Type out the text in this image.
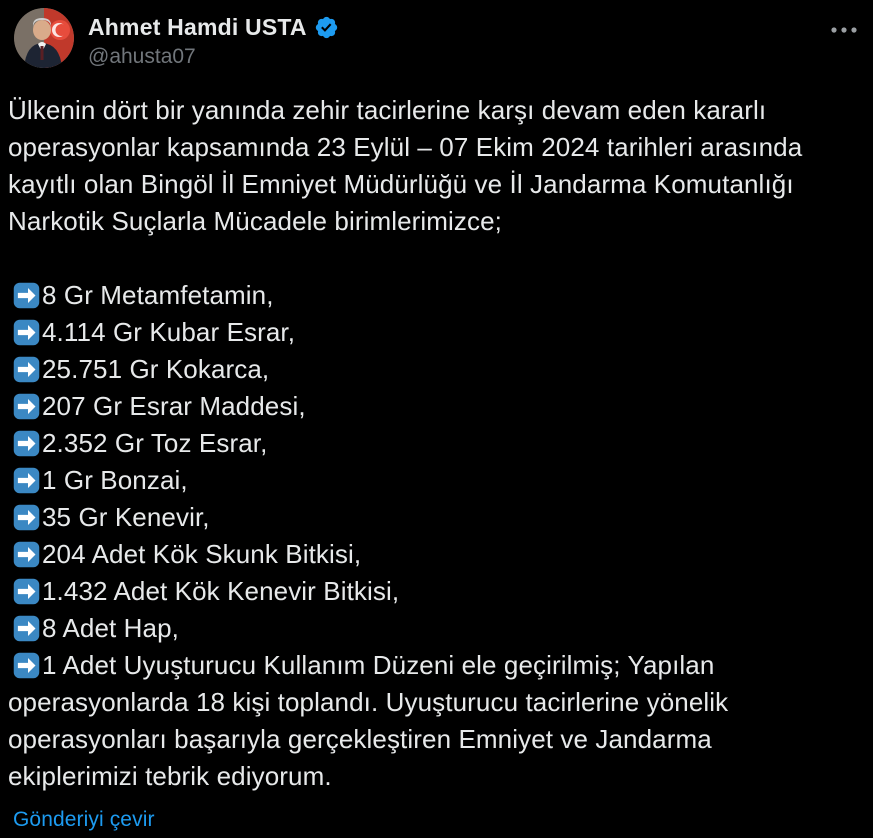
Ahmet Hamdi USTA
@ahusta07

Ülkenin dört bir yanında zehir tacirlerine karşı devam eden kararlı operasyonlar kapsamında 23 Eylül – 07 Ekim 2024 tarihleri arasında kayıtlı olan Bingöl İl Emniyet Müdürlüğü ve İl Jandarma Komutanlığı Narkotik Suçlarla Mücadele birimlerimizce;

8 Gr Metamfetamin,
4.114 Gr Kubar Esrar,
25.751 Gr Kokarca,
207 Gr Esrar Maddesi,
2.352 Gr Toz Esrar,
1 Gr Bonzai,
35 Gr Kenevir,
204 Adet Kök Skunk Bitkisi,
1.432 Adet Kök Kenevir Bitkisi,
8 Adet Hap,
1 Adet Uyuşturucu Kullanım Düzeni ele geçirilmiş; Yapılan operasyonlarda 18 kişi toplandı. Uyuşturucu tacirlerine yönelik operasyonları başarıyla gerçekleştiren Emniyet ve Jandarma ekiplerimizi tebrik ediyorum.
Gönderiyi çevir
